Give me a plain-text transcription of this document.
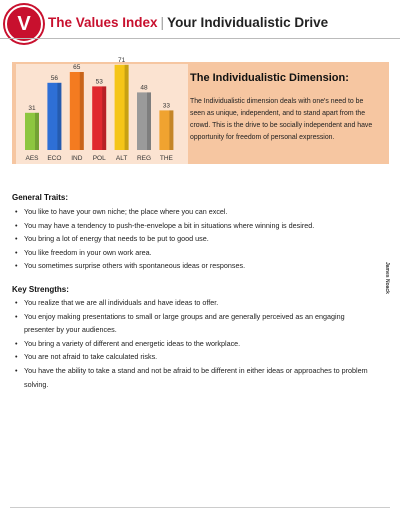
V	The Values Index | Your Individualistic Drive
31
AES
56
ECO
65
IND
53
POL
71
ALT
48
REG
33
THE
The Individualistic Dimension:
The Individualistic dimension deals with one's need to be seen as unique, independent, and to stand apart from the crowd. This is the drive to be socially independent and have opportunity for freedom of personal expression.
General Traits:
• You like to have your own niche; the place where you can excel.
• You may have a tendency to push-the-envelope a bit in situations where winning is desired.
• You bring a lot of energy that needs to be put to good use.
• You like freedom in your own work area.
• You sometimes surprise others with spontaneous ideas or responses.
Key Strengths:
• You realize that we are all individuals and have ideas to offer.
• You enjoy making presentations to small or large groups and are generally perceived as an engaging presenter by your audiences.
• You bring a variety of different and energetic ideas to the workplace.
• You are not afraid to take calculated risks.
• You have the ability to take a stand and not be afraid to be different in either ideas or approaches to problem solving.
James Noack
